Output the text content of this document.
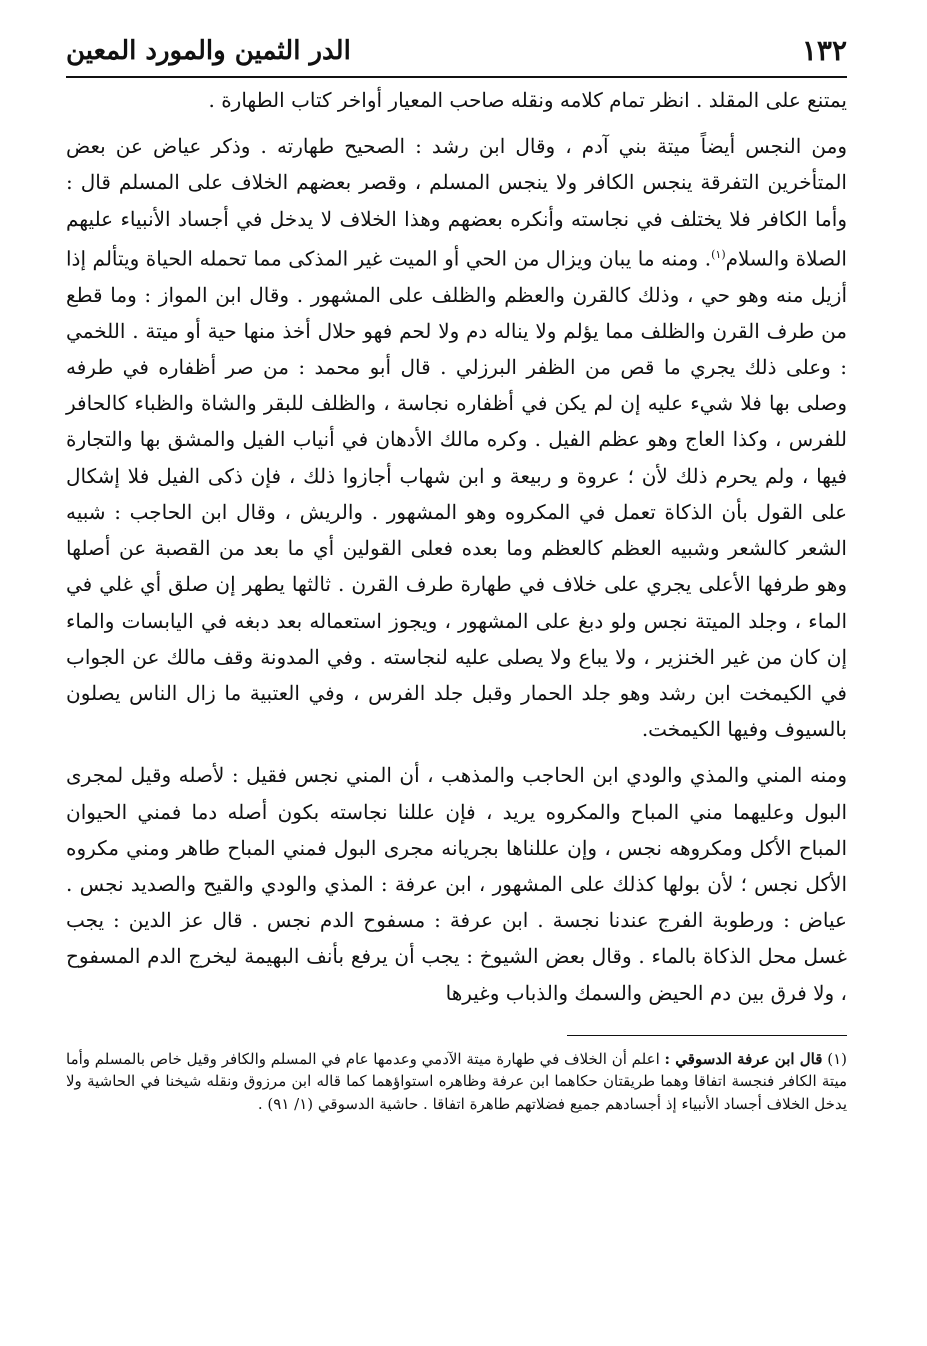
الدر الثمين والمورد المعين	١٣٢

يمتنع على المقلد . انظر تمام كلامه ونقله صاحب المعيار أواخر كتاب الطهارة .

ومن النجس أيضاً ميتة بني آدم ، وقال ابن رشد : الصحيح طهارته . وذكر عياض عن بعض المتأخرين التفرقة ينجس الكافر ولا ينجس المسلم ، وقصر بعضهم الخلاف على المسلم قال : وأما الكافر فلا يختلف في نجاسته وأنكره بعضهم وهذا الخلاف لا يدخل في أجساد الأنبياء عليهم الصلاة والسلام$^{(١)}$. ومنه ما يبان ويزال من الحي أو الميت غير المذكى مما تحمله الحياة ويتألم إذا أزيل منه وهو حي ، وذلك كالقرن والعظم والظلف على المشهور . وقال ابن المواز : وما قطع من طرف القرن والظلف مما يؤلم ولا يناله دم ولا لحم فهو حلال أخذ منها حية أو ميتة . اللخمي : وعلى ذلك يجري ما قص من الظفر البرزلي . قال أبو محمد : من صر أظفاره في طرفه وصلى بها فلا شيء عليه إن لم يكن في أظفاره نجاسة ، والظلف للبقر والشاة والظباء كالحافر للفرس ، وكذا العاج وهو عظم الفيل . وكره مالك الأدهان في أنياب الفيل والمشق بها والتجارة فيها ، ولم يحرم ذلك لأن ؛ عروة و ربيعة و ابن شهاب أجازوا ذلك ، فإن ذكى الفيل فلا إشكال على القول بأن الذكاة تعمل في المكروه وهو المشهور . والريش ، وقال ابن الحاجب : شبيه الشعر كالشعر وشبيه العظم كالعظم وما بعده فعلى القولين أي ما بعد من القصبة عن أصلها وهو طرفها الأعلى يجري على خلاف في طهارة طرف القرن . ثالثها يطهر إن صلق أي غلي في الماء ، وجلد الميتة نجس ولو دبغ على المشهور ، ويجوز استعماله بعد دبغه في اليابسات والماء إن كان من غير الخنزير ، ولا يباع ولا يصلى عليه لنجاسته . وفي المدونة وقف مالك عن الجواب في الكيمخت ابن رشد وهو جلد الحمار وقبل جلد الفرس ، وفي العتبية ما زال الناس يصلون بالسيوف وفيها الكيمخت.

ومنه المني والمذي والودي ابن الحاجب والمذهب ، أن المني نجس فقيل : لأصله وقيل لمجرى البول وعليهما مني المباح والمكروه يريد ، فإن عللنا نجاسته بكون أصله دما فمني الحيوان المباح الأكل ومكروهه نجس ، وإن عللناها بجريانه مجرى البول فمني المباح طاهر ومني مكروه الأكل نجس ؛ لأن بولها كذلك على المشهور ، ابن عرفة : المذي والودي والقيح والصديد نجس . عياض : ورطوبة الفرج عندنا نجسة . ابن عرفة : مسفوح الدم نجس . قال عز الدين : يجب غسل محل الذكاة بالماء . وقال بعض الشيوخ : يجب أن يرفع بأنف البهيمة ليخرج الدم المسفوح ، ولا فرق بين دم الحيض والسمك والذباب وغيرها

(١) قال ابن عرفة الدسوقي : اعلم أن الخلاف في طهارة ميتة الآدمي وعدمها عام في المسلم والكافر وقيل خاص بالمسلم وأما ميتة الكافر فنجسة اتفاقا وهما طريقتان حكاهما ابن عرفة وظاهره استواؤهما كما قاله ابن مرزوق ونقله شيخنا في الحاشية ولا يدخل الخلاف أجساد الأنبياء إذ أجسادهم جميع فضلاتهم طاهرة اتفاقا . حاشية الدسوقي (١/ ٩١) .
